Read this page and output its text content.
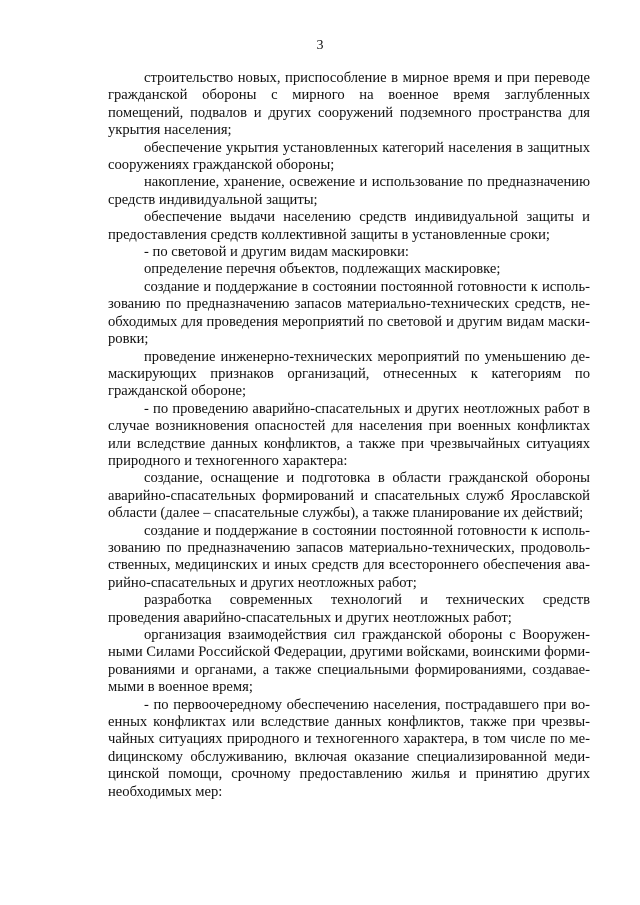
3

строительство новых, приспособление в мирное время и при переводе гражданской обороны с мирного на военное время заглубленных помещений, подвалов и других сооружений подземного пространства для укрытия населения;

обеспечение укрытия установленных категорий населения в защитных сооружениях гражданской обороны;

накопление, хранение, освежение и использование по предназначению средств индивидуальной защиты;

обеспечение выдачи населению средств индивидуальной защиты и предоставления средств коллективной защиты в установленные сроки;

- по световой и другим видам маскировки:

определение перечня объектов, подлежащих маскировке;

создание и поддержание в состоянии постоянной готовности к использованию по предназначению запасов материально-технических средств, необходимых для проведения мероприятий по световой и другим видам маскировки;

проведение инженерно-технических мероприятий по уменьшению демаскирующих признаков организаций, отнесенных к категориям по гражданской обороне;

- по проведению аварийно-спасательных и других неотложных работ в случае возникновения опасностей для населения при военных конфликтах или вследствие данных конфликтов, а также при чрезвычайных ситуациях природного и техногенного характера:

создание, оснащение и подготовка в области гражданской обороны аварийно-спасательных формирований и спасательных служб Ярославской области (далее – спасательные службы), а также планирование их действий;

создание и поддержание в состоянии постоянной готовности к использованию по предназначению запасов материально-технических, продовольственных, медицинских и иных средств для всестороннего обеспечения аварийно-спасательных и других неотложных работ;

разработка современных технологий и технических средств проведения аварийно-спасательных и других неотложных работ;

организация взаимодействия сил гражданской обороны с Вооруженными Силами Российской Федерации, другими войсками, воинскими формированиями и органами, а также специальными формированиями, создаваемыми в военное время;

- по первоочередному обеспечению населения, пострадавшего при военных конфликтах или вследствие данных конфликтов, также при чрезвычайных ситуациях природного и техногенного характера, в том числе по меdицинскому обслуживанию, включая оказание специализированной медицинской помощи, срочному предоставлению жилья и принятию других необходимых мер:
